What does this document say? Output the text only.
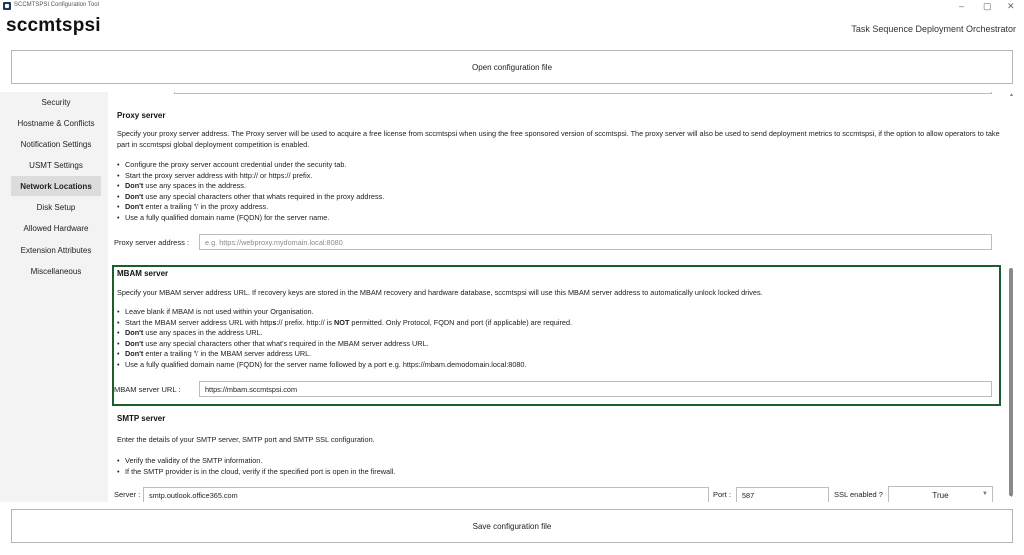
SCCMTSPSI Configuration Tool	– ▢ ✕
sccmtspsi	Task Sequence Deployment Orchestrator
Open configuration file
Security
Hostname & Conflicts
Notification Settings
USMT Settings
Network Locations
Disk Setup
Allowed Hardware
Extension Attributes
Miscellaneous
Proxy server
Specify your proxy server address. The Proxy server will be used to acquire a free license from sccmtspsi when using the free sponsored version of sccmtspsi. The proxy server will also be used to send deployment metrics to sccmtspsi, if the option to allow operators to take part in sccmtspsi global deployment competition is enabled.
• Configure the proxy server account credential under the security tab.
• Start the proxy server address with http:// or https:// prefix.
• Don't use any spaces in the address.
• Don't use any special characters other that whats required in the proxy address.
• Don't enter a trailing '\' in the proxy address.
• Use a fully qualified domain name (FQDN) for the server name.
Proxy server address :	e.g. https://webproxy.mydomain.local:8080
MBAM server
Specify your MBAM server address URL. If recovery keys are stored in the MBAM recovery and hardware database, sccmtspsi will use this MBAM server address to automatically unlock locked drives.
• Leave blank if MBAM is not used within your Organisation.
• Start the MBAM server address URL with https:// prefix. http:// is NOT permitted. Only Protocol, FQDN and port (if applicable) are required.
• Don't use any spaces in the address URL.
• Don't use any special characters other that what's required in the MBAM server address URL.
• Don't enter a trailing '\' in the MBAM server address URL.
• Use a fully qualified domain name (FQDN) for the server name followed by a port e.g. https://mbam.demodomain.local:8080.
MBAM server URL :	https://mbam.sccmtspsi.com
SMTP server
Enter the details of your SMTP server, SMTP port and SMTP SSL configuration.
• Verify the validity of the SMTP information.
• If the SMTP provider is in the cloud, verify if the specified port is open in the firewall.
Server :	smtp.outlook.office365.com	Port :	587	SSL enabled ?	True	▼
▲
▼
Save configuration file
